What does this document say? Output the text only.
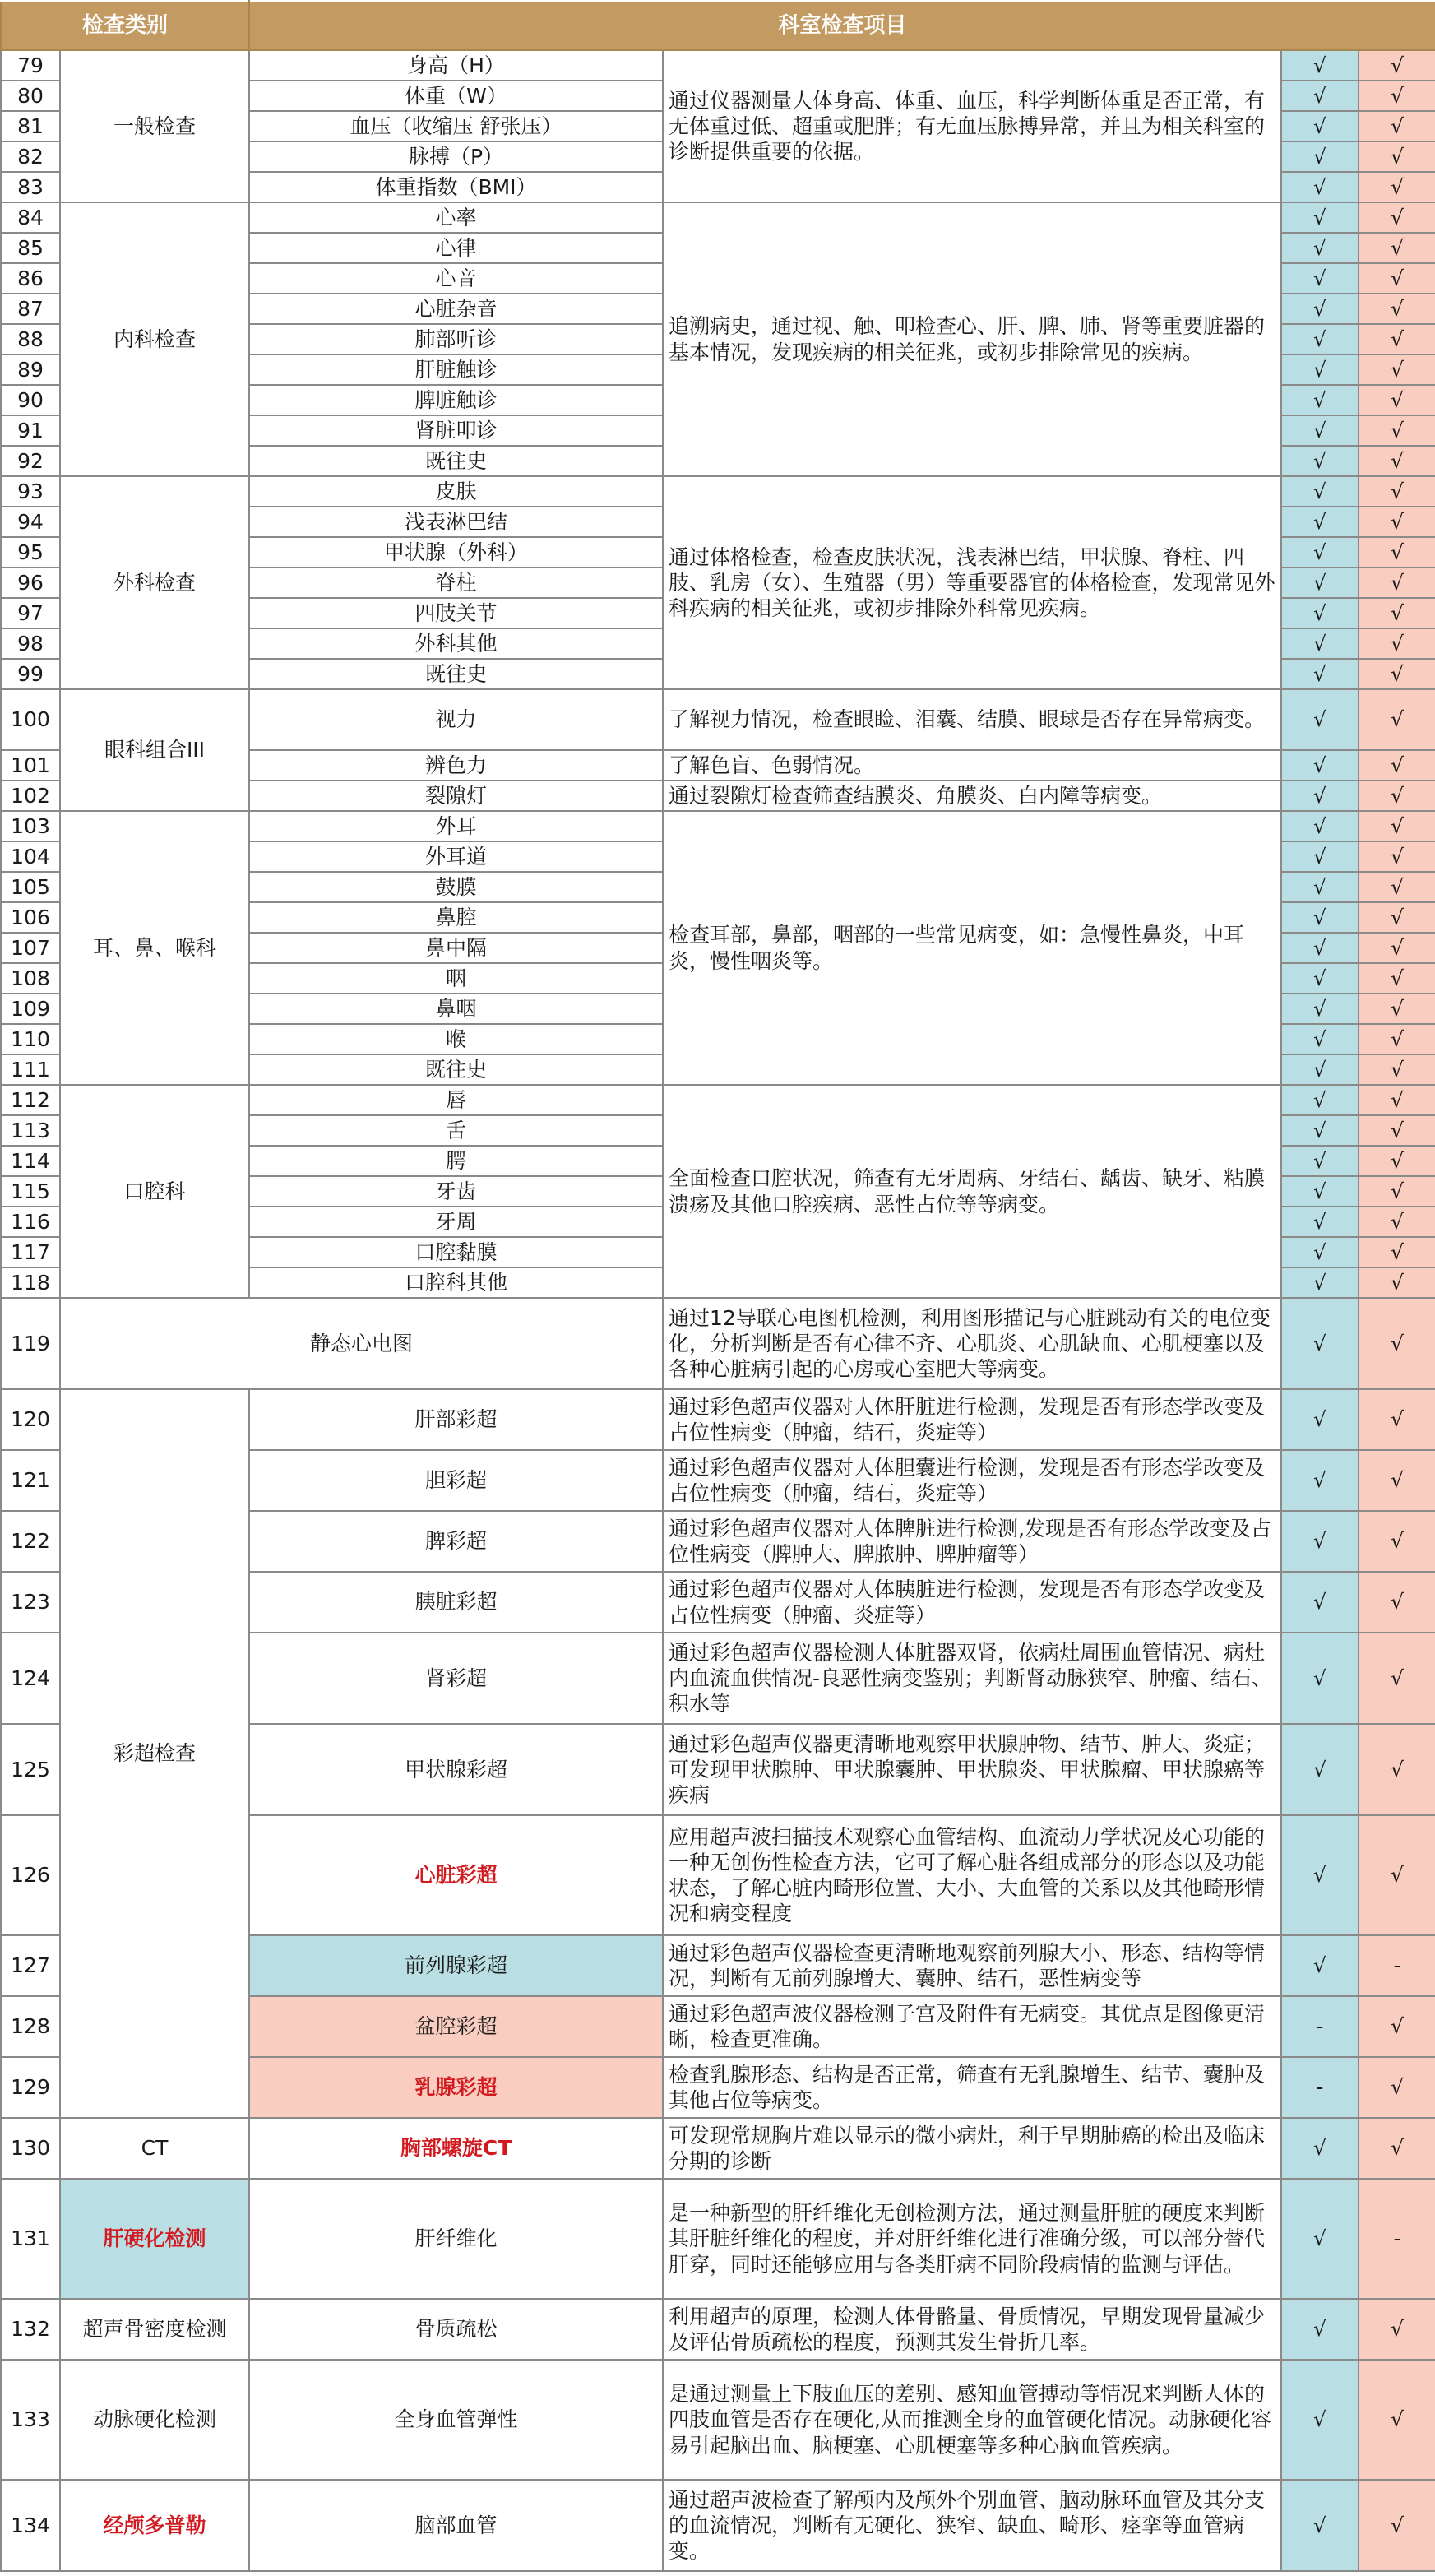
检查类别		科室检查项目			
79	一般检查	身高（H）	通过仪器测量人体身高、体重、血压，科学判断体重是否正常，有无体重过低、超重或肥胖；有无血压脉搏异常，并且为相关科室的诊断提供重要的依据。	√	√
80		体重（W）		√	√
81		血压（收缩压 舒张压）		√	√
82		脉搏（P）		√	√
83		体重指数（BMI）		√	√
84	内科检查	心率	追溯病史，通过视、触、叩检查心、肝、脾、肺、肾等重要脏器的基本情况，发现疾病的相关征兆，或初步排除常见的疾病。	√	√
85		心律		√	√
86		心音		√	√
87		心脏杂音		√	√
88		肺部听诊		√	√
89		肝脏触诊		√	√
90		脾脏触诊		√	√
91		肾脏叩诊		√	√
92		既往史		√	√
93	外科检查	皮肤	通过体格检查，检查皮肤状况，浅表淋巴结，甲状腺、脊柱、四肢、乳房（女）、生殖器（男）等重要器官的体格检查，发现常见外科疾病的相关征兆，或初步排除外科常见疾病。	√	√
94		浅表淋巴结		√	√
95		甲状腺（外科）		√	√
96		脊柱		√	√
97		四肢关节		√	√
98		外科其他		√	√
99		既往史		√	√
100	眼科组合III	视力	了解视力情况，检查眼睑、泪囊、结膜、眼球是否存在异常病变。	√	√
101		辨色力	了解色盲、色弱情况。	√	√
102		裂隙灯	通过裂隙灯检查筛查结膜炎、角膜炎、白内障等病变。	√	√
103	耳、鼻、喉科	外耳	检查耳部，鼻部，咽部的一些常见病变，如：急慢性鼻炎，中耳炎，慢性咽炎等。	√	√
104		外耳道		√	√
105		鼓膜		√	√
106		鼻腔		√	√
107		鼻中隔		√	√
108		咽		√	√
109		鼻咽		√	√
110		喉		√	√
111		既往史		√	√
112	口腔科	唇	全面检查口腔状况，筛查有无牙周病、牙结石、龋齿、缺牙、粘膜溃疡及其他口腔疾病、恶性占位等等病变。	√	√
113		舌		√	√
114		腭		√	√
115		牙齿		√	√
116		牙周		√	√
117		口腔黏膜		√	√
118		口腔科其他		√	√
119	静态心电图		通过12导联心电图机检测，利用图形描记与心脏跳动有关的电位变化，分析判断是否有心律不齐、心肌炎、心肌缺血、心肌梗塞以及各种心脏病引起的心房或心室肥大等病变。	√	√
120	彩超检查	肝部彩超	通过彩色超声仪器对人体肝脏进行检测，发现是否有形态学改变及占位性病变（肿瘤，结石，炎症等）	√	√
121		胆彩超	通过彩色超声仪器对人体胆囊进行检测，发现是否有形态学改变及占位性病变（肿瘤，结石，炎症等）	√	√
122		脾彩超	通过彩色超声仪器对人体脾脏进行检测,发现是否有形态学改变及占位性病变（脾肿大、脾脓肿、脾肿瘤等）	√	√
123		胰脏彩超	通过彩色超声仪器对人体胰脏进行检测，发现是否有形态学改变及占位性病变（肿瘤、炎症等）	√	√
124		肾彩超	通过彩色超声仪器检测人体脏器双肾，依病灶周围血管情况、病灶内血流血供情况-良恶性病变鉴别；判断肾动脉狭窄、肿瘤、结石、积水等	√	√
125		甲状腺彩超	通过彩色超声仪器更清晰地观察甲状腺肿物、结节、肿大、炎症；可发现甲状腺肿、甲状腺囊肿、甲状腺炎、甲状腺瘤、甲状腺癌等疾病	√	√
126		心脏彩超	应用超声波扫描技术观察心血管结构、血流动力学状况及心功能的一种无创伤性检查方法，它可了解心脏各组成部分的形态以及功能状态，了解心脏内畸形位置、大小、大血管的关系以及其他畸形情况和病变程度	√	√
127		前列腺彩超	通过彩色超声仪器检查更清晰地观察前列腺大小、形态、结构等情况，判断有无前列腺增大、囊肿、结石，恶性病变等	√	-
128		盆腔彩超	通过彩色超声波仪器检测子宫及附件有无病变。其优点是图像更清晰，检查更准确。	-	√
129		乳腺彩超	检查乳腺形态、结构是否正常，筛查有无乳腺增生、结节、囊肿及其他占位等病变。	-	√
130	CT	胸部螺旋CT	可发现常规胸片难以显示的微小病灶，利于早期肺癌的检出及临床分期的诊断	√	√
131	肝硬化检测	肝纤维化	是一种新型的肝纤维化无创检测方法，通过测量肝脏的硬度来判断其肝脏纤维化的程度，并对肝纤维化进行准确分级，可以部分替代肝穿，同时还能够应用与各类肝病不同阶段病情的监测与评估。	√	-
132	超声骨密度检测	骨质疏松	利用超声的原理，检测人体骨骼量、骨质情况，早期发现骨量减少及评估骨质疏松的程度，预测其发生骨折几率。	√	√
133	动脉硬化检测	全身血管弹性	是通过测量上下肢血压的差别、感知血管搏动等情况来判断人体的四肢血管是否存在硬化,从而推测全身的血管硬化情况。动脉硬化容易引起脑出血、脑梗塞、心肌梗塞等多种心脑血管疾病。	√	√
134	经颅多普勒	脑部血管	通过超声波检查了解颅内及颅外个别血管、脑动脉环血管及其分支的血流情况，判断有无硬化、狭窄、缺血、畸形、痉挛等血管病变。	√	√
